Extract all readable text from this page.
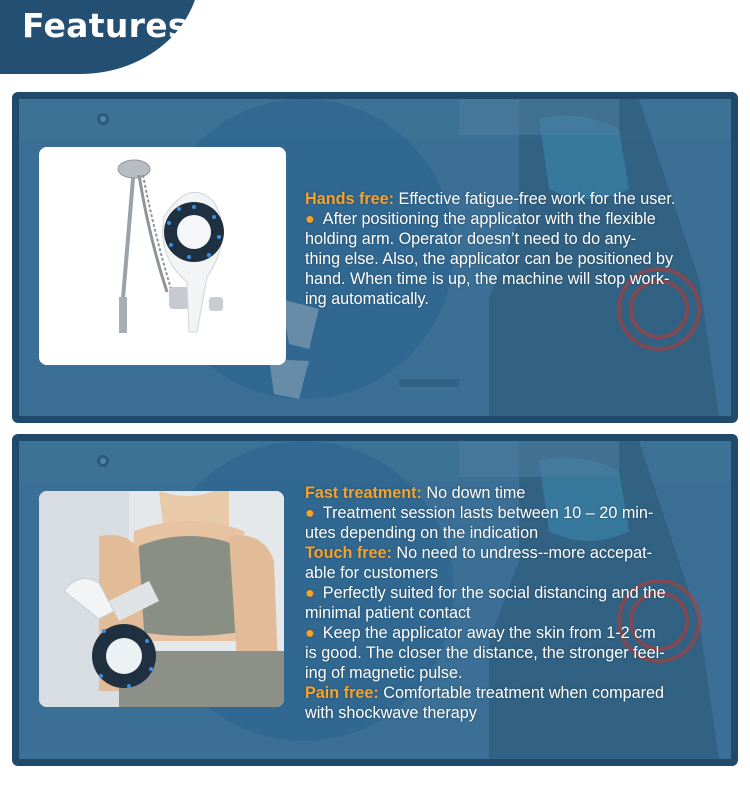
Features
Hands free: Effective fatigue-free work for the user.
● After positioning the applicator with the flexible
holding arm. Operator doesn’t need to do any-
thing else. Also, the applicator can be positioned by
hand. When time is up, the machine will stop work-
ing automatically.
Fast treatment: No down time
● Treatment session lasts between 10 – 20 min-
utes depending on the indication
Touch free: No need to undress--more accepat-
able for customers
● Perfectly suited for the social distancing and the
minimal patient contact
● Keep the applicator away the skin from 1-2 cm
is good. The closer the distance, the stronger feel-
ing of magnetic pulse.
Pain free: Comfortable treatment when compared
with shockwave therapy
